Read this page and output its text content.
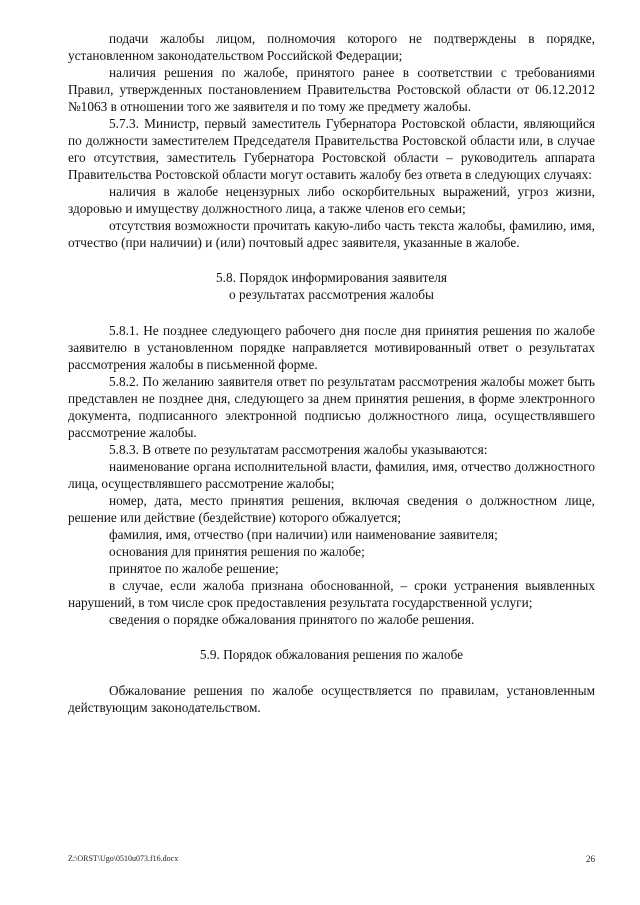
подачи жалобы лицом, полномочия которого не подтверждены в порядке, установленном законодательством Российской Федерации;

наличия решения по жалобе, принятого ранее в соответствии с требованиями Правил, утвержденных постановлением Правительства Ростовской области от 06.12.2012 №1063 в отношении того же заявителя и по тому же предмету жалобы.

5.7.3. Министр, первый заместитель Губернатора Ростовской области, являющийся по должности заместителем Председателя Правительства Ростовской области или, в случае его отсутствия, заместитель Губернатора Ростовской области – руководитель аппарата Правительства Ростовской области могут оставить жалобу без ответа в следующих случаях:

наличия в жалобе нецензурных либо оскорбительных выражений, угроз жизни, здоровью и имуществу должностного лица, а также членов его семьи;

отсутствия возможности прочитать какую-либо часть текста жалобы, фамилию, имя, отчество (при наличии) и (или) почтовый адрес заявителя, указанные в жалобе.

5.8. Порядок информирования заявителя

о результатах рассмотрения жалобы

5.8.1. Не позднее следующего рабочего дня после дня принятия решения по жалобе заявителю в установленном порядке направляется мотивированный ответ о результатах рассмотрения жалобы в письменной форме.

5.8.2. По желанию заявителя ответ по результатам рассмотрения жалобы может быть представлен не позднее дня, следующего за днем принятия решения, в форме электронного документа, подписанного электронной подписью должностного лица, осуществлявшего рассмотрение жалобы.

5.8.3. В ответе по результатам рассмотрения жалобы указываются:

наименование органа исполнительной власти, фамилия, имя, отчество должностного лица, осуществлявшего рассмотрение жалобы;

номер, дата, место принятия решения, включая сведения о должностном лице, решение или действие (бездействие) которого обжалуется;

фамилия, имя, отчество (при наличии) или наименование заявителя;

основания для принятия решения по жалобе;

принятое по жалобе решение;

в случае, если жалоба признана обоснованной, – сроки устранения выявленных нарушений, в том числе срок предоставления результата государственной услуги;

сведения о порядке обжалования принятого по жалобе решения.

5.9. Порядок обжалования решения по жалобе

Обжалование решения по жалобе осуществляется по правилам, установленным действующим законодательством.

Z:\ORST\Ugo\0510u073.f16.docx	26
